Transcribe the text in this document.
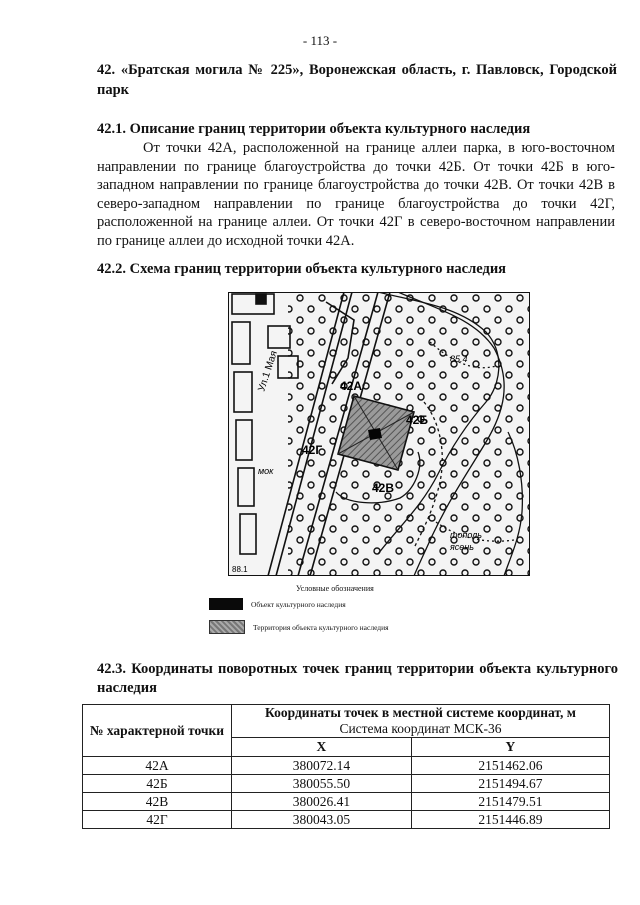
- 113 -
42. «Братская могила № 225», Воронежская область, г. Павловск, Городской парк
42.1. Описание границ территории объекта культурного наследия
От точки 42А, расположенной на границе аллеи парка, в юго-восточном направлении по границе благоустройства до точки 42Б. От точки 42Б в юго-западном направлении по границе благоустройства до точки 42В. От точки 42В в северо-западном направлении по границе благоустройства до точки 42Г, расположенной на границе аллеи. От точки 42Г в северо-восточном направлении по границе аллеи до исходной точки 42А.
42.2. Схема границ территории объекта культурного наследия
42А
42Б
42В
42Г
Ул.1 Мая	85.4
тополь
ясень
мок
88.1
Условные обозначения
Объект культурного наследия
Территория объекта культурного наследия
42.3. Координаты поворотных точек границ территории объекта культурного наследия
№ характерной точки	Координаты точек в местной системе координат, м
Система координат МСК-36	
	X	Y
42А	380072.14	2151462.06
42Б	380055.50	2151494.67
42В	380026.41	2151479.51
42Г	380043.05	2151446.89
